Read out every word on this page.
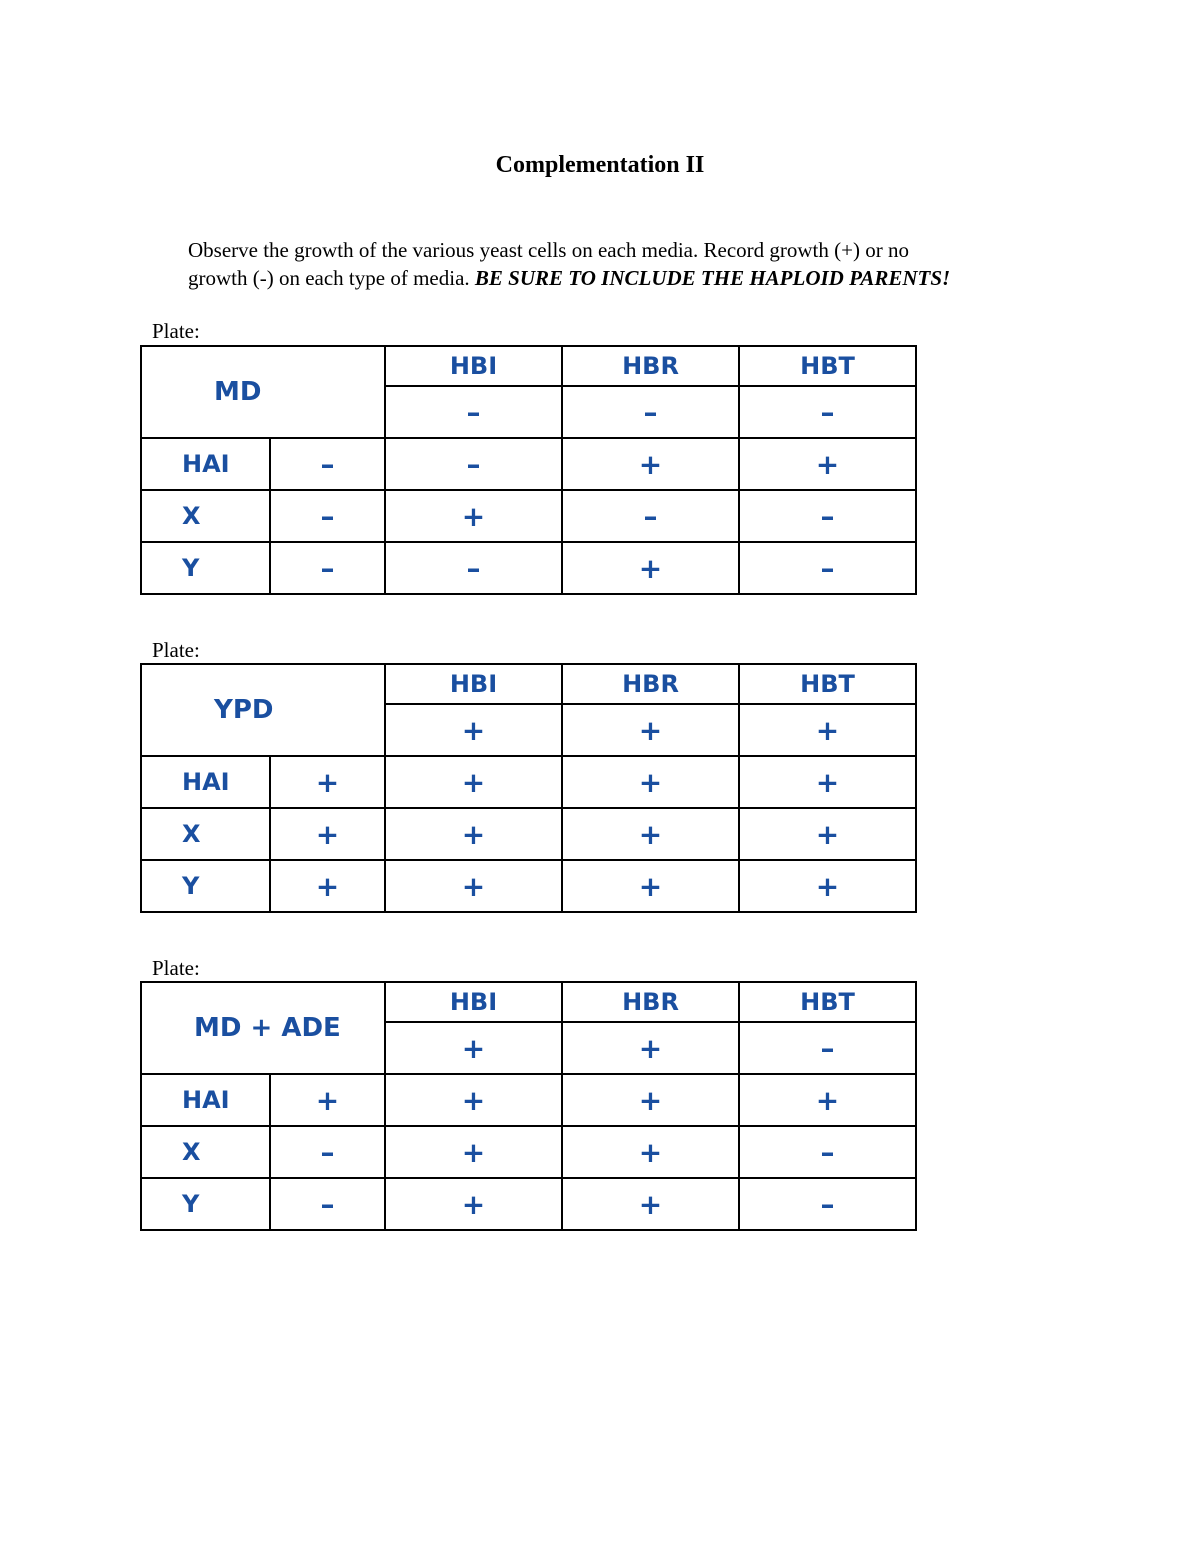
Complementation II

Observe the growth of the various yeast cells on each media. Record growth (+) or no
growth (-) on each type of media. BE SURE TO INCLUDE THE HAPLOID PARENTS!

Plate:

MD		HBI	HBR	HBT
		–	–	–
HAI	–	–	+	+
X	–	+	–	–
Y	–	–	+	–

Plate:

YPD		HBI	HBR	HBT
		+	+	+
HAI	+	+	+	+
X	+	+	+	+
Y	+	+	+	+

Plate:

MD + ADE		HBI	HBR	HBT
		+	+	–
HAI	+	+	+	+
X	–	+	+	–
Y	–	+	+	–
